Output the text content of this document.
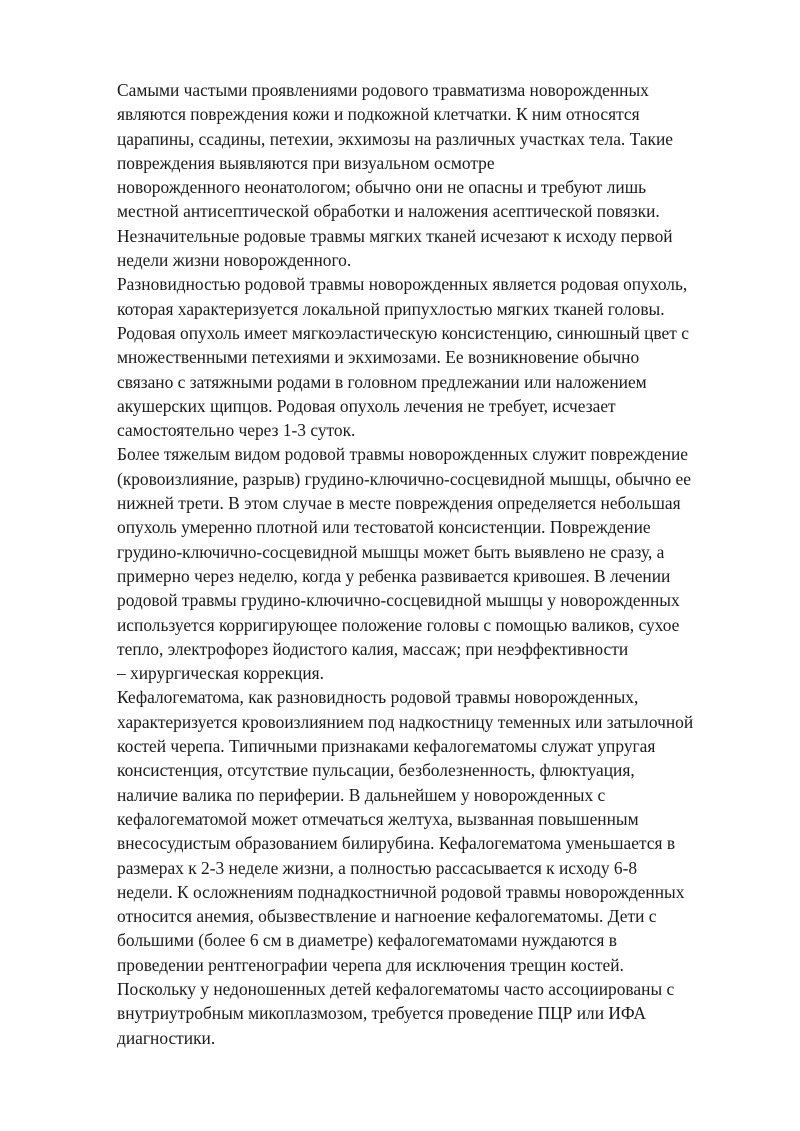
Самыми частыми проявлениями родового травматизма новорожденных
являются повреждения кожи и подкожной клетчатки. К ним относятся
царапины, ссадины, петехии, экхимозы на различных участках тела. Такие
повреждения выявляются при визуальном осмотре
новорожденного неонатологом; обычно они не опасны и требуют лишь
местной антисептической обработки и наложения асептической повязки.
Незначительные родовые травмы мягких тканей исчезают к исходу первой
недели жизни новорожденного.

Разновидностью родовой травмы новорожденных является родовая опухоль,
которая характеризуется локальной припухлостью мягких тканей головы.
Родовая опухоль имеет мягкоэластическую консистенцию, синюшный цвет с
множественными петехиями и экхимозами. Ее возникновение обычно
связано с затяжными родами в головном предлежании или наложением
акушерских щипцов. Родовая опухоль лечения не требует, исчезает
самостоятельно через 1-3 суток.

Более тяжелым видом родовой травмы новорожденных служит повреждение
(кровоизлияние, разрыв) грудино-ключично-сосцевидной мышцы, обычно ее
нижней трети. В этом случае в месте повреждения определяется небольшая
опухоль умеренно плотной или тестоватой консистенции. Повреждение
грудино-ключично-сосцевидной мышцы может быть выявлено не сразу, а
примерно через неделю, когда у ребенка развивается кривошея. В лечении
родовой травмы грудино-ключично-сосцевидной мышцы у новорожденных
используется корригирующее положение головы с помощью валиков, сухое
тепло, электрофорез йодистого калия, массаж; при неэффективности
– хирургическая коррекция.

Кефалогематома, как разновидность родовой травмы новорожденных,
характеризуется кровоизлиянием под надкостницу теменных или затылочной
костей черепа. Типичными признаками кефалогематомы служат упругая
консистенция, отсутствие пульсации, безболезненность, флюктуация,
наличие валика по периферии. В дальнейшем у новорожденных с
кефалогематомой может отмечаться желтуха, вызванная повышенным
внесосудистым образованием билирубина. Кефалогематома уменьшается в
размерах к 2-3 неделе жизни, а полностью рассасывается к исходу 6-8
недели. К осложнениям поднадкостничной родовой травмы новорожденных
относится анемия, обызвествление и нагноение кефалогематомы. Дети с
большими (более 6 см в диаметре) кефалогематомами нуждаются в
проведении рентгенографии черепа для исключения трещин костей.
Поскольку у недоношенных детей кефалогематомы часто ассоциированы с
внутриутробным микоплазмозом, требуется проведение ПЦР или ИФА
диагностики.
